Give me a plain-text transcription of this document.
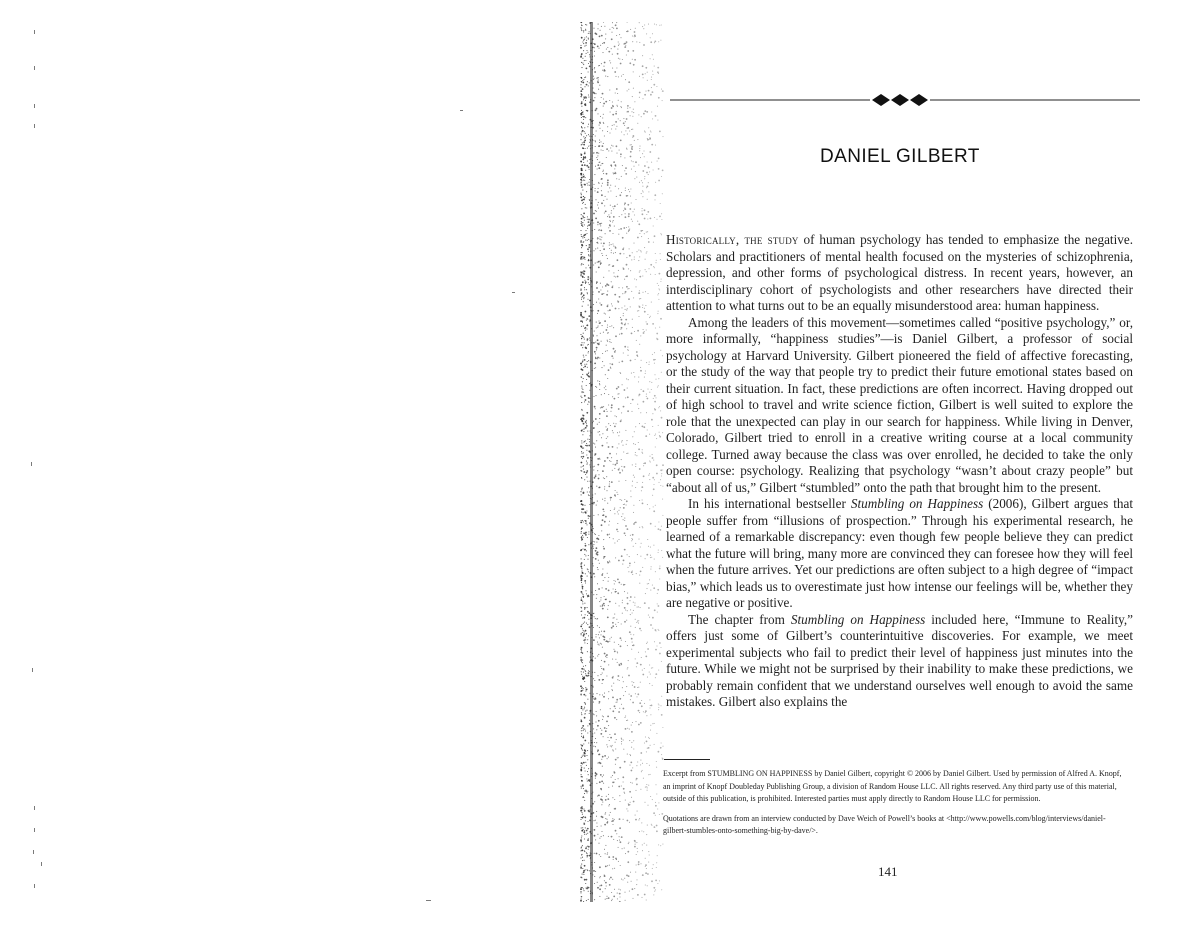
DANIEL GILBERT

Historically, the study of human psychology has tended to emphasize the negative. Scholars and practitioners of mental health focused on the mysteries of schizophrenia, depression, and other forms of psychological distress. In recent years, however, an interdisciplinary cohort of psychologists and other researchers have directed their attention to what turns out to be an equally misunderstood area: human happiness.

Among the leaders of this movement—sometimes called “positive psychology,” or, more informally, “happiness studies”—is Daniel Gilbert, a professor of social psychology at Harvard University. Gilbert pioneered the field of affective forecasting, or the study of the way that people try to predict their future emotional states based on their current situation. In fact, these predictions are often incorrect. Having dropped out of high school to travel and write science fiction, Gilbert is well suited to explore the role that the unexpected can play in our search for happiness. While living in Denver, Colorado, Gilbert tried to enroll in a creative writing course at a local community college. Turned away because the class was over enrolled, he decided to take the only open course: psychology. Realizing that psychology “wasn’t about crazy people” but “about all of us,” Gilbert “stumbled” onto the path that brought him to the present.

In his international bestseller Stumbling on Happiness (2006), Gilbert argues that people suffer from “illusions of prospection.” Through his experimental research, he learned of a remarkable discrepancy: even though few people believe they can predict what the future will bring, many more are convinced they can foresee how they will feel when the future arrives. Yet our predictions are often subject to a high degree of “impact bias,” which leads us to overestimate just how intense our feelings will be, whether they are negative or positive.

The chapter from Stumbling on Happiness included here, “Immune to Reality,” offers just some of Gilbert’s counterintuitive discoveries. For example, we meet experimental subjects who fail to predict their level of happiness just minutes into the future. While we might not be surprised by their inability to make these predictions, we probably remain confident that we understand ourselves well enough to avoid the same mistakes. Gilbert also explains the

Excerpt from STUMBLING ON HAPPINESS by Daniel Gilbert, copyright © 2006 by Daniel Gilbert. Used by permission of Alfred A. Knopf, an imprint of Knopf Doubleday Publishing Group, a division of Random House LLC. All rights reserved. Any third party use of this material, outside of this publication, is prohibited. Interested parties must apply directly to Random House LLC for permission.

Quotations are drawn from an interview conducted by Dave Weich of Powell’s books at <http://www.powells.com/blog/interviews/daniel-gilbert-stumbles-onto-something-big-by-dave/>.

141
